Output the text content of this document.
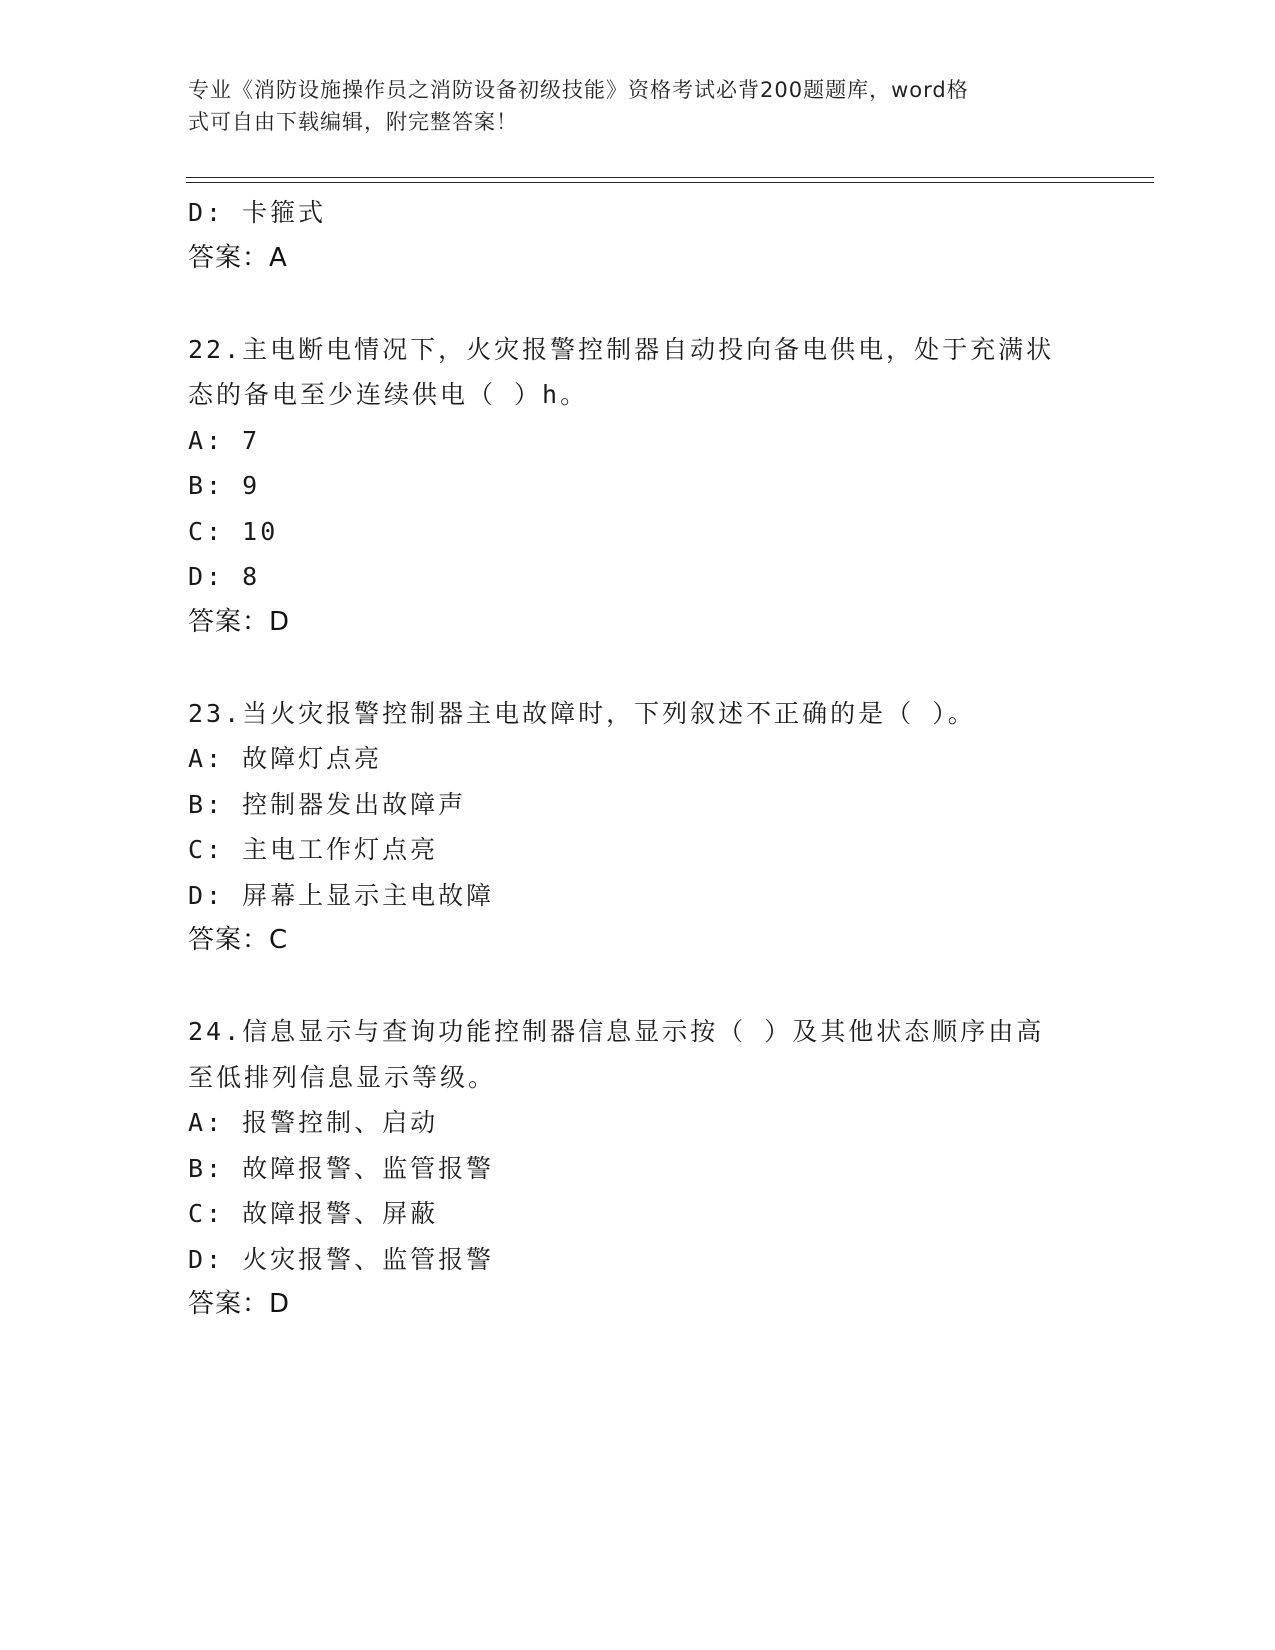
专业《消防设施操作员之消防设备初级技能》资格考试必背200题题库，word格
式可自由下载编辑，附完整答案！
D: 卡箍式
答案：A
22.主电断电情况下，火灾报警控制器自动投向备电供电，处于充满状
态的备电至少连续供电（ ）h。
A: 7
B: 9
C: 10
D: 8
答案：D
23.当火灾报警控制器主电故障时，下列叙述不正确的是（ ）。
A: 故障灯点亮
B: 控制器发出故障声
C: 主电工作灯点亮
D: 屏幕上显示主电故障
答案：C
24.信息显示与查询功能控制器信息显示按（ ）及其他状态顺序由高
至低排列信息显示等级。
A: 报警控制、启动
B: 故障报警、监管报警
C: 故障报警、屏蔽
D: 火灾报警、监管报警
答案：D
